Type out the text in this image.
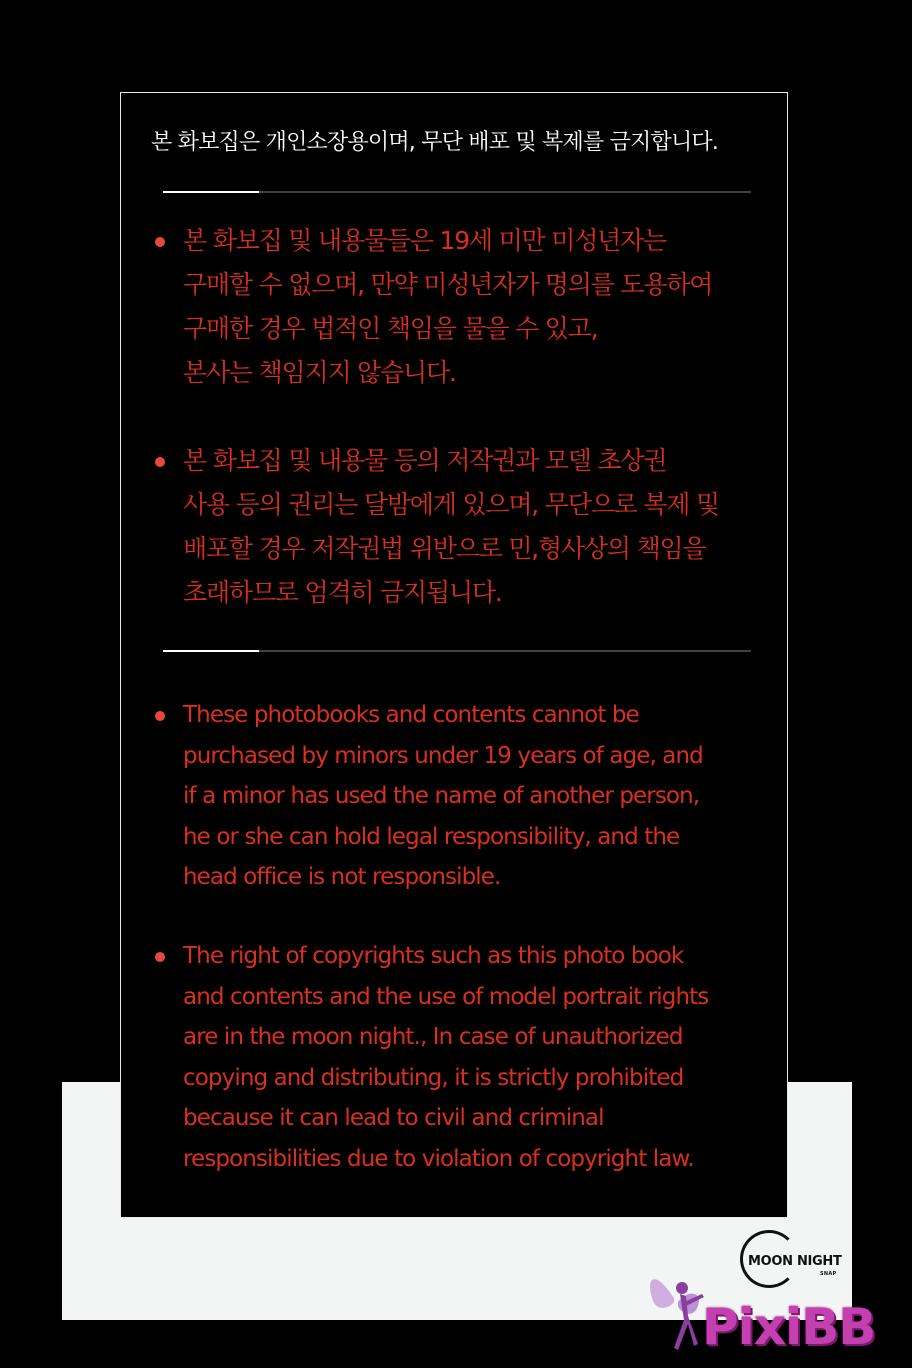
본 화보집은 개인소장용이며, 무단 배포 및 복제를 금지합니다.
본 화보집 및 내용물들은 19세 미만 미성년자는
구매할 수 없으며, 만약 미성년자가 명의를 도용하여
구매한 경우 법적인 책임을 물을 수 있고,
본사는 책임지지 않습니다.
본 화보집 및 내용물 등의 저작권과 모델 초상권
사용 등의 권리는 달밤에게 있으며, 무단으로 복제 및
배포할 경우 저작권법 위반으로 민,형사상의 책임을
초래하므로 엄격히 금지됩니다.
These photobooks and contents cannot be
purchased by minors under 19 years of age, and
if a minor has used the name of another person,
he or she can hold legal responsibility, and the
head office is not responsible.
The right of copyrights such as this photo book
and contents and the use of model portrait rights
are in the moon night., In case of unauthorized
copying and distributing, it is strictly prohibited
because it can lead to civil and criminal
responsibilities due to violation of copyright law.
MOON NIGHT
SNAP
PixiBB
